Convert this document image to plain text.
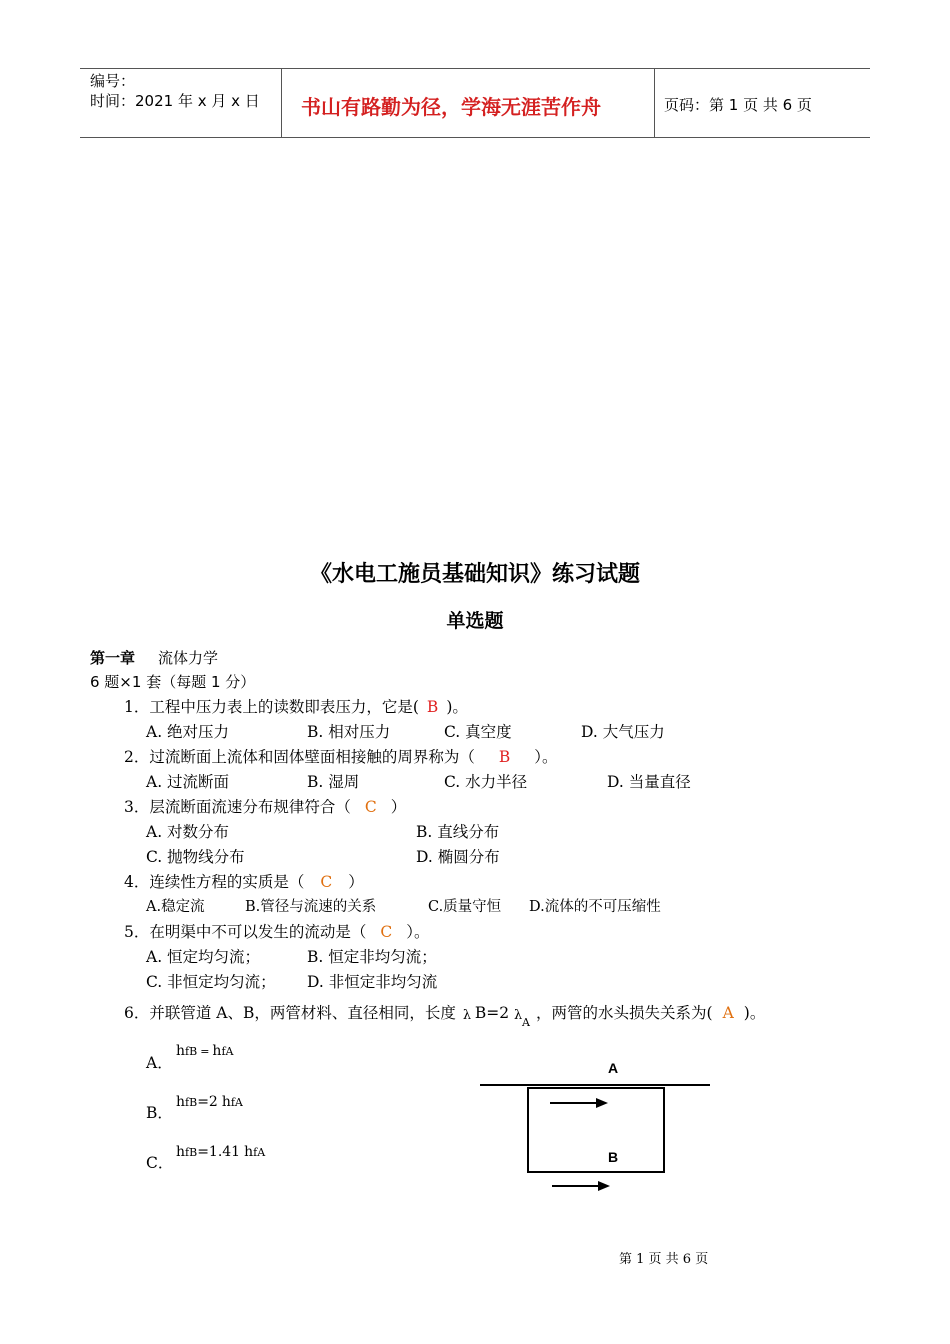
编号：
时间：2021 年 x 月 x 日 书山有路勤为径，学海无涯苦作舟	页码：第 1 页 共 6 页
《水电工施员基础知识》练习试题
单选题
第一章 流体力学
6 题×1 套（每题 1 分）
1．工程中压力表上的读数即表压力，它是( B )。
A. 绝对压力	B. 相对压力	C. 真空度	D. 大气压力
2．过流断面上流体和固体壁面相接触的周界称为（ B ）。
A. 过流断面	B. 湿周	C. 水力半径	D. 当量直径
3．层流断面流速分布规律符合（ C ）
A. 对数分布	B. 直线分布
C. 抛物线分布	D. 椭圆分布
4．连续性方程的实质是（ C ）
A.稳定流	B.管径与流速的关系	C.质量守恒 D.流体的不可压缩性
5．在明渠中不可以发生的流动是（ C ）。
A. 恒定均匀流；	B. 恒定非均匀流；
C. 非恒定均匀流； D. 非恒定非均匀流
6．并联管道 A、B，两管材料、直径相同，长度 λ B=2 λ A
，两管的水头损失关系为( A )。
A．
hfB = hfA
B．
hfB=2 hfA
C．
hfB=1.41 hfA
A
B
第 1 页 共 6 页
